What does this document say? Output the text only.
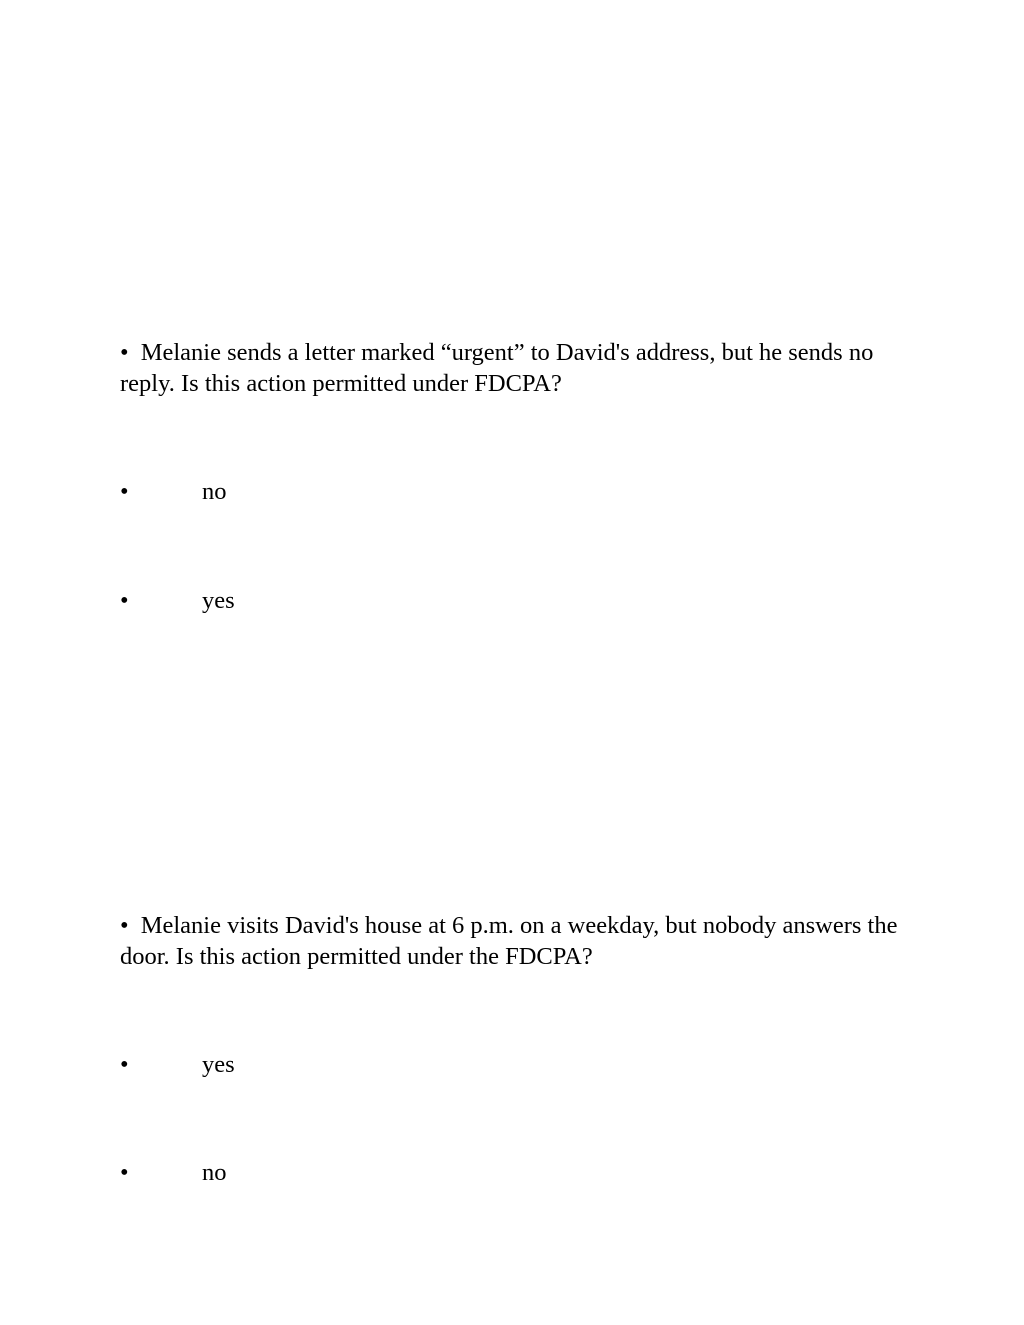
• Melanie sends a letter marked “urgent” to David's address, but he sends no reply. Is this action permitted under FDCPA?
•	no
•	yes
• Melanie visits David's house at 6 p.m. on a weekday, but nobody answers the door. Is this action permitted under the FDCPA?
•	yes
•	no
